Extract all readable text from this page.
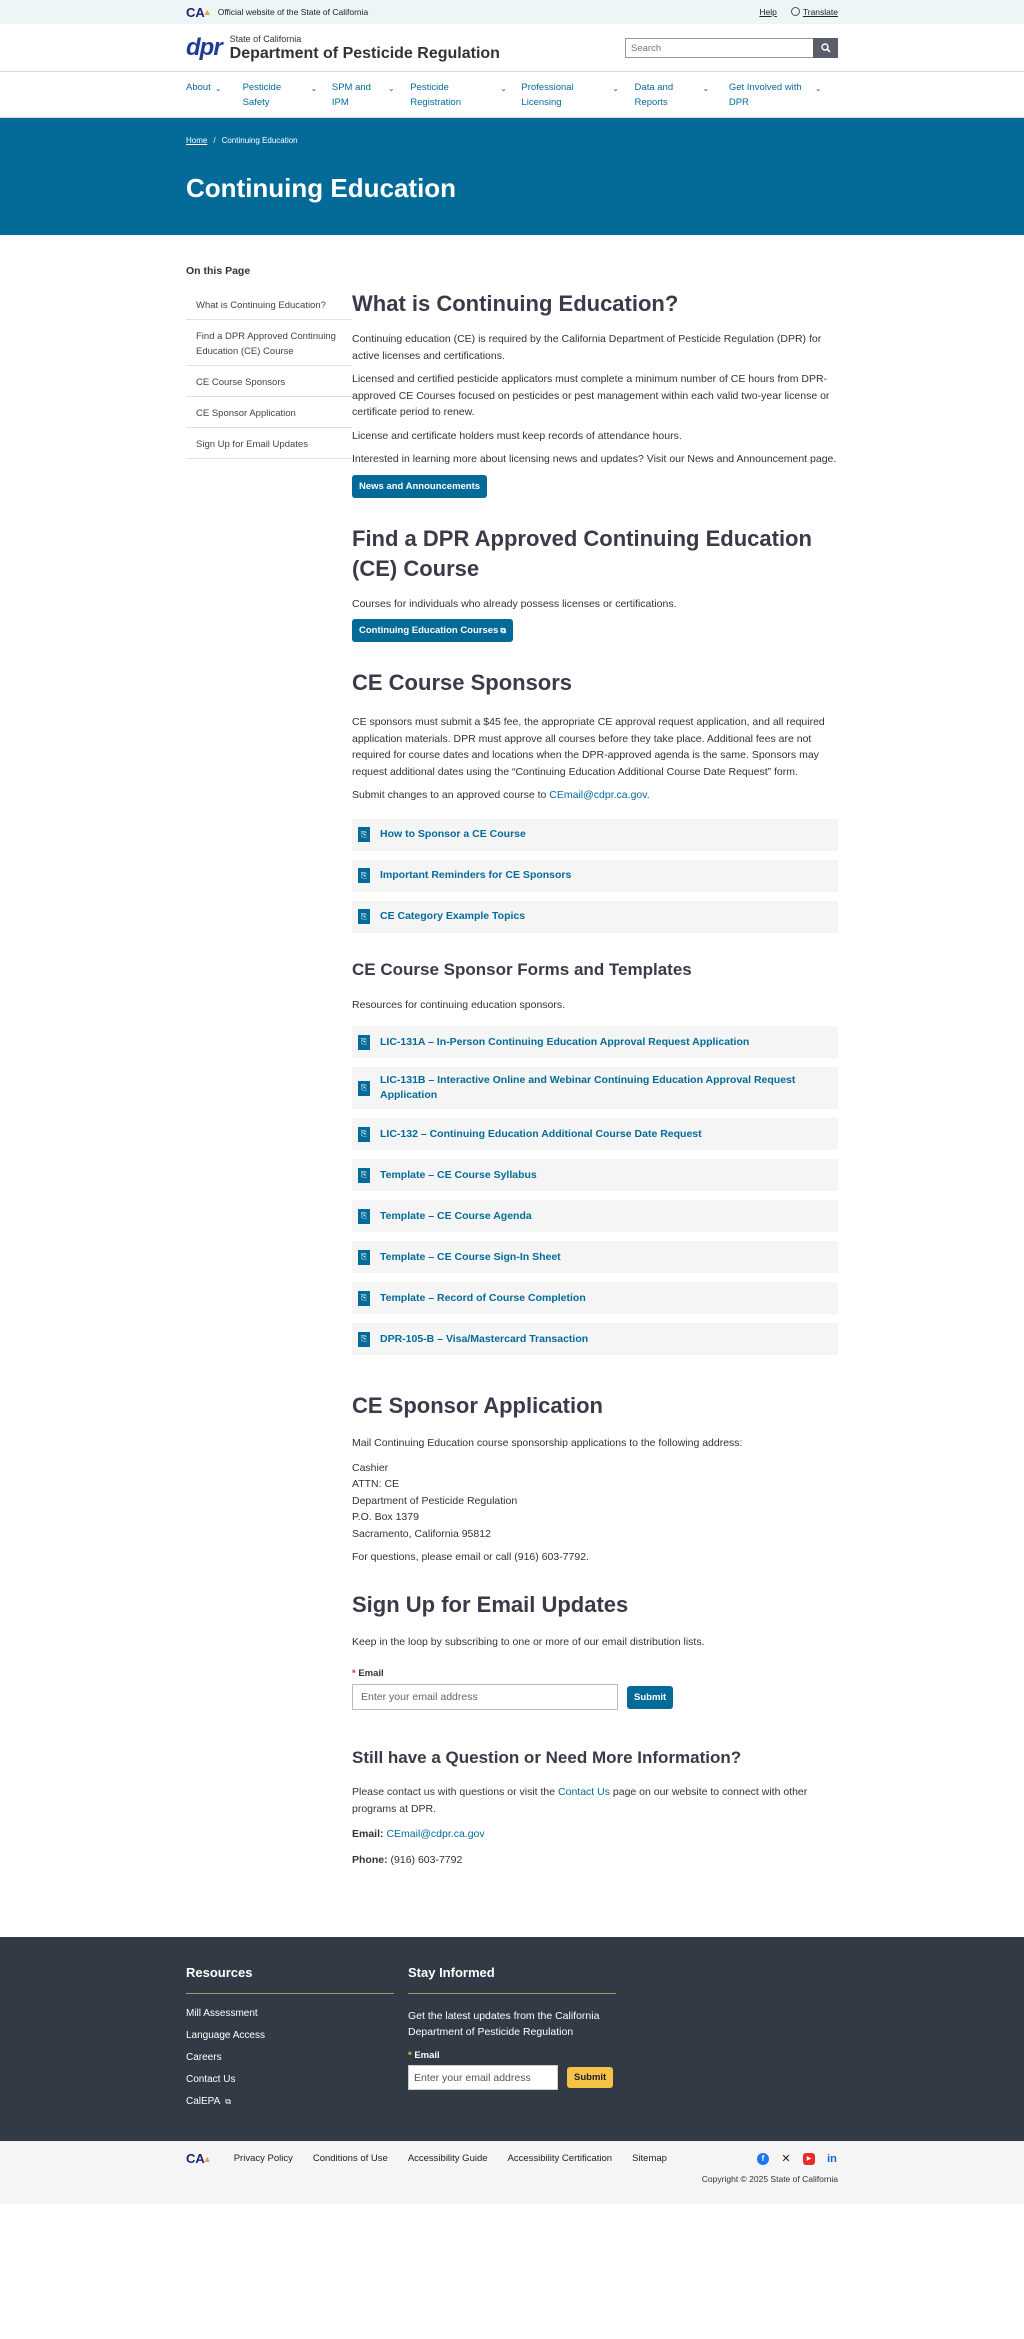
CA
▲ Official website of the State of California	Help	Translate
dpr State of California
Department of Pesticide Regulation
Search
About ⌄ Pesticide Safety
⌄ SPM and IPM
⌄ Pesticide Registration
⌄ Professional Licensing
⌄ Data and Reports
⌄ Get Involved with DPR
⌄
Home / Continuing Education
Continuing Education
On this Page
What is Continuing Education?
Find a DPR Approved Continuing Education (CE) Course
CE Course Sponsors
CE Sponsor Application
Sign Up for Email Updates
What is Continuing Education?

Continuing education (CE) is required by the California Department of Pesticide Regulation (DPR) for active licenses and certifications.

Licensed and certified pesticide applicators must complete a minimum number of CE hours from DPR-approved CE Courses focused on pesticides or pest management within each valid two-year license or certificate period to renew.

License and certificate holders must keep records of attendance hours.

Interested in learning more about licensing news and updates? Visit our News and Announcement page.

News and Announcements
Find a DPR Approved Continuing Education (CE) Course

Courses for individuals who already possess licenses or certifications.

Continuing Education Courses ⧉
CE Course Sponsors

CE sponsors must submit a $45 fee, the appropriate CE approval request application, and all required application materials. DPR must approve all courses before they take place. Additional fees are not required for course dates and locations when the DPR-approved agenda is the same. Sponsors may request additional dates using the “Continuing Education Additional Course Date Request” form.

Submit changes to an approved course to CEmail@cdpr.ca.gov.

⎘ How to Sponsor a CE Course
⎘ Important Reminders for CE Sponsors
⎘ CE Category Example Topics
CE Course Sponsor Forms and Templates

Resources for continuing education sponsors.

⎘ LIC-131A – In-Person Continuing Education Approval Request Application
⎘
LIC-131B – Interactive Online and Webinar Continuing Education Approval Request Application
⎘ LIC-132 – Continuing Education Additional Course Date Request
⎘ Template – CE Course Syllabus
⎘ Template – CE Course Agenda
⎘ Template – CE Course Sign-In Sheet
⎘ Template – Record of Course Completion
⎘ DPR-105-B – Visa/Mastercard Transaction
CE Sponsor Application

Mail Continuing Education course sponsorship applications to the following address:

Cashier

ATTN: CE

Department of Pesticide Regulation

P.O. Box 1379

Sacramento, California 95812

For questions, please email or call (916) 603-7792.

Sign Up for Email Updates

Keep in the loop by subscribing to one or more of our email distribution lists.

* Email
Enter your email address
Submit
Still have a Question or Need More Information?

Please contact us with questions or visit the Contact Us page on our website to connect with other programs at DPR.

Email: CEmail@cdpr.ca.gov

Phone: (916) 603-7792

Resources
Mill Assessment
Language Access
Careers
Contact Us
CalEPA ⧉
Stay Informed

Get the latest updates from the California Department of Pesticide Regulation

* Email
Enter your email address
Submit
CA
▲ Privacy Policy Conditions of Use Accessibility Guide Accessibility Certification Sitemap	f	✕	▶	in
Copyright © 2025 State of California
